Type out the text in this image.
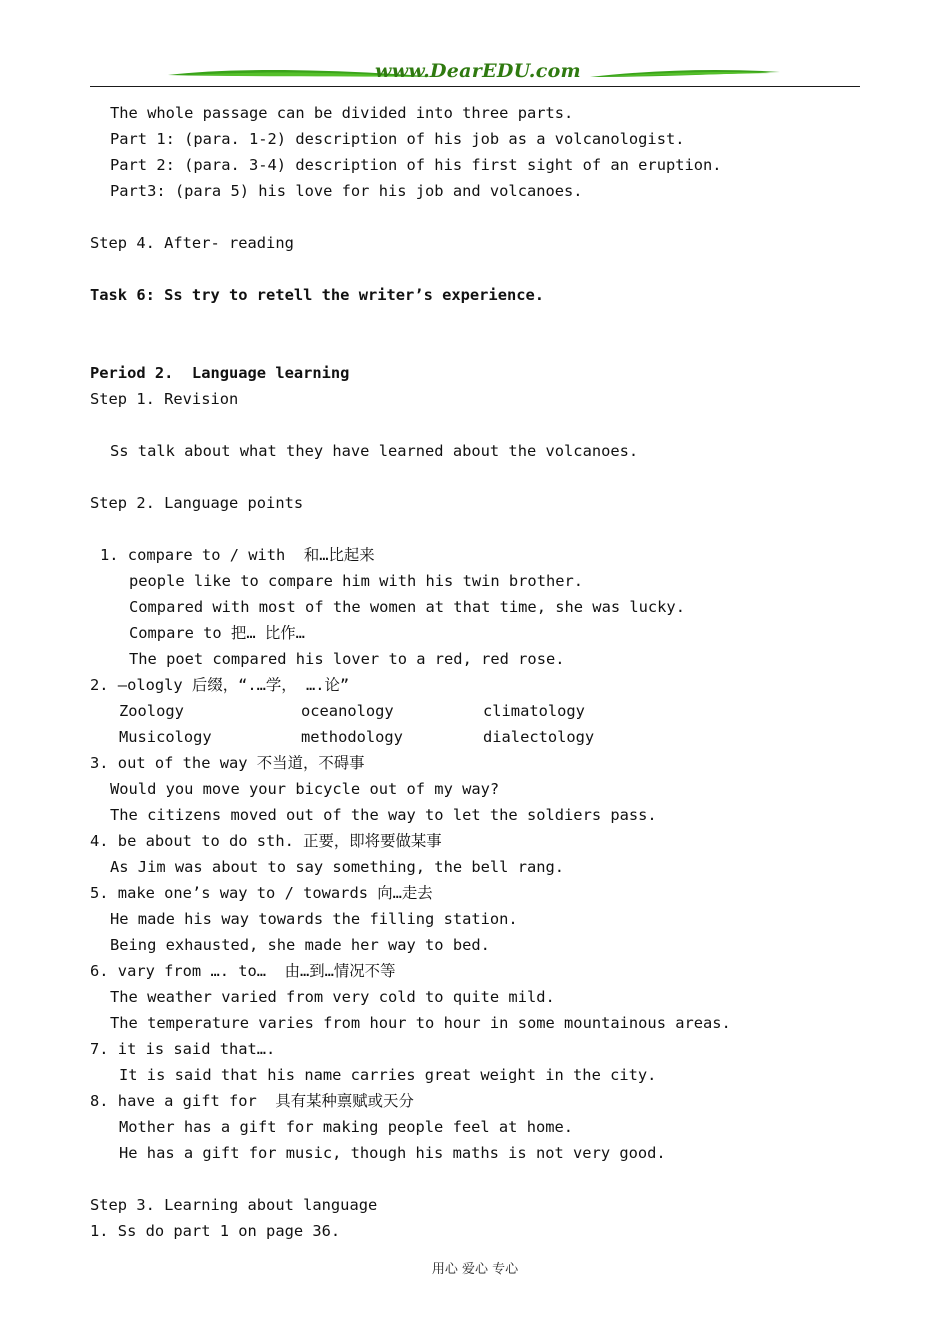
www.DearEDU.com
The whole passage can be divided into three parts.
Part 1: (para. 1-2) description of his job as a volcanologist.
Part 2: (para. 3-4) description of his first sight of an eruption.
Part3: (para 5) his love for his job and volcanoes.
Step 4. After- reading
Task 6: Ss try to retell the writer’s experience.
Period 2.  Language learning
Step 1. Revision
Ss talk about what they have learned about the volcanoes.
Step 2. Language points
1. compare to / with  和…比起来
people like to compare him with his twin brother.
Compared with most of the women at that time, she was lucky.
Compare to 把… 比作…
The poet compared his lover to a red, red rose.
2. –ologly 后缀，“.…学， ….论”
Zoology	oceanology	climatology
Musicology	methodology	dialectology
3. out of the way 不当道，不碍事
Would you move your bicycle out of my way?
The citizens moved out of the way to let the soldiers pass.
4. be about to do sth. 正要，即将要做某事
As Jim was about to say something, the bell rang.
5. make one’s way to / towards 向…走去
He made his way towards the filling station.
Being exhausted, she made her way to bed.
6. vary from …. to…  由…到…情况不等
The weather varied from very cold to quite mild.
The temperature varies from hour to hour in some mountainous areas.
7. it is said that….
It is said that his name carries great weight in the city.
8. have a gift for  具有某种禀赋或天分
Mother has a gift for making people feel at home.
He has a gift for music, though his maths is not very good.
Step 3. Learning about language
1. Ss do part 1 on page 36.
用心 爱心 专心
